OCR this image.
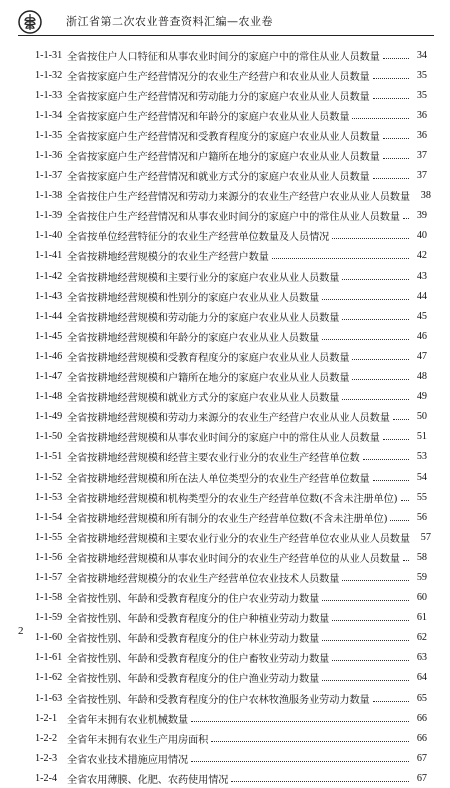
浙江省第二次农业普查资料汇编—农业卷
1-1-31 全省按住户人口特征和从事农业时间分的家庭户中的常住从业人员数量	34
1-1-32 全省按家庭户生产经营情况分的农业生产经营户和农业从业人员数量	35
1-1-33 全省按家庭户生产经营情况和劳动能力分的家庭户农业从业人员数量	35
1-1-34 全省按家庭户生产经营情况和年龄分的家庭户农业从业人员数量	36
1-1-35 全省按家庭户生产经营情况和受教育程度分的家庭户农业从业人员数量	36
1-1-36 全省按家庭户生产经营情况和户籍所在地分的家庭户农业从业人员数量	37
1-1-37 全省按家庭户生产经营情况和就业方式分的家庭户农业从业人员数量	37
1-1-38 全省按住户生产经营情况和劳动力来源分的农业生产经营户农业从业人员数量	38
1-1-39 全省按住户生产经营情况和从事农业时间分的家庭户中的常住从业人员数量	39
1-1-40 全省按单位经营特征分的农业生产经营单位数量及人员情况	40
1-1-41 全省按耕地经营规模分的农业生产经营户数量	42
1-1-42 全省按耕地经营规模和主要行业分的家庭户农业从业人员数量	43
1-1-43 全省按耕地经营规模和性别分的家庭户农业从业人员数量	44
1-1-44 全省按耕地经营规模和劳动能力分的家庭户农业从业人员数量	45
1-1-45 全省按耕地经营规模和年龄分的家庭户农业从业人员数量	46
1-1-46 全省按耕地经营规模和受教育程度分的家庭户农业从业人员数量	47
1-1-47 全省按耕地经营规模和户籍所在地分的家庭户农业从业人员数量	48
1-1-48 全省按耕地经营规模和就业方式分的家庭户农业从业人员数量	49
1-1-49 全省按耕地经营规模和劳动力来源分的农业生产经营户农业从业人员数量	50
1-1-50 全省按耕地经营规模和从事农业时间分的家庭户中的常住从业人员数量	51
1-1-51 全省按耕地经营规模和经营主要农业行业分的农业生产经营单位数	53
1-1-52 全省按耕地经营规模和所在法人单位类型分的农业生产经营单位数量	54
1-1-53 全省按耕地经营规模和机构类型分的农业生产经营单位数(不含未注册单位)	55
1-1-54 全省按耕地经营规模和所有制分的农业生产经营单位数(不含未注册单位)	56
1-1-55 全省按耕地经营规模和主要农业行业分的农业生产经营单位农业从业人员数量	57
1-1-56 全省按耕地经营规模和从事农业时间分的农业生产经营单位的从业人员数量	58
1-1-57 全省按耕地经营规模分的农业生产经营单位农业技术人员数量	59
1-1-58 全省按性别、年龄和受教育程度分的住户农业劳动力数量	60
1-1-59 全省按性别、年龄和受教育程度分的住户种植业劳动力数量	61
1-1-60 全省按性别、年龄和受教育程度分的住户林业劳动力数量	62
1-1-61 全省按性别、年龄和受教育程度分的住户畜牧业劳动力数量	63
1-1-62 全省按性别、年龄和受教育程度分的住户渔业劳动力数量	64
1-1-63 全省按性别、年龄和受教育程度分的住户农林牧渔服务业劳动力数量	65
1-2-1 全省年末拥有农业机械数量	66
1-2-2 全省年末拥有农业生产用房面积	66
1-2-3 全省农业技术措施应用情况	67
1-2-4 全省农用薄膜、化肥、农药使用情况	67
2
